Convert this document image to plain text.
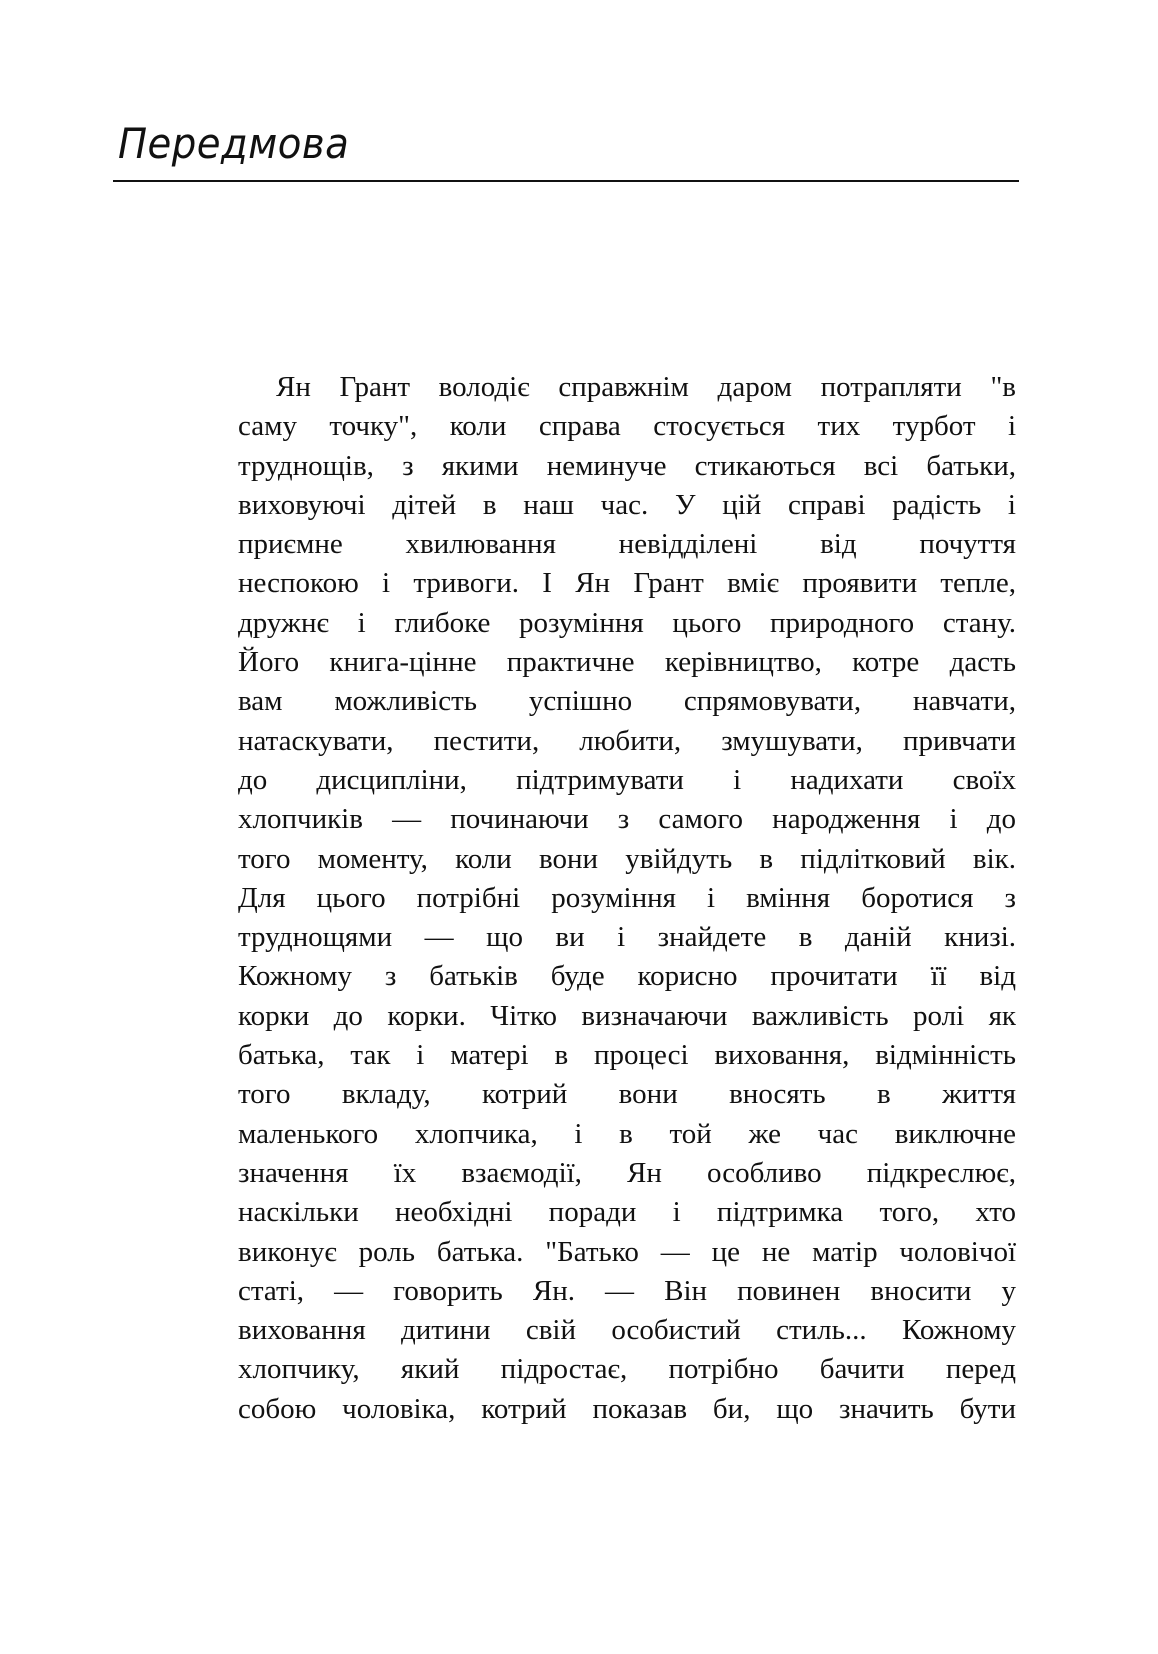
Передмова
Ян Грант володіє справжнім даром потрапляти "в
саму точку", коли справа стосується тих турбот і
труднощів, з якими неминуче стикаються всі батьки,
виховуючі дітей в наш час. У цій справі радість і
приємне хвилювання невідділені від почуття
неспокою і тривоги. І Ян Грант вміє проявити тепле,
дружнє і глибоке розуміння цього природного стану.
Його книга-цінне практичне керівництво, котре дасть
вам можливість успішно спрямовувати, навчати,
натаскувати, пестити, любити, змушувати, привчати
до дисципліни, підтримувати і надихати своїх
хлопчиків — починаючи з самого народження і до
того моменту, коли вони увійдуть в підлітковий вік.
Для цього потрібні розуміння і вміння боротися з
труднощями — що ви і знайдете в даній книзі.
Кожному з батьків буде корисно прочитати її від
корки до корки. Чітко визначаючи важливість ролі як
батька, так і матері в процесі виховання, відмінність
того вкладу, котрий вони вносять в життя
маленького хлопчика, і в той же час виключне
значення їх взаємодії, Ян особливо підкреслює,
наскільки необхідні поради і підтримка того, хто
виконує роль батька. "Батько — це не матір чоловічої
статі, — говорить Ян. — Він повинен вносити у
виховання дитини свій особистий стиль... Кожному
хлопчику, який підростає, потрібно бачити перед
собою чоловіка, котрий показав би, що значить бути
